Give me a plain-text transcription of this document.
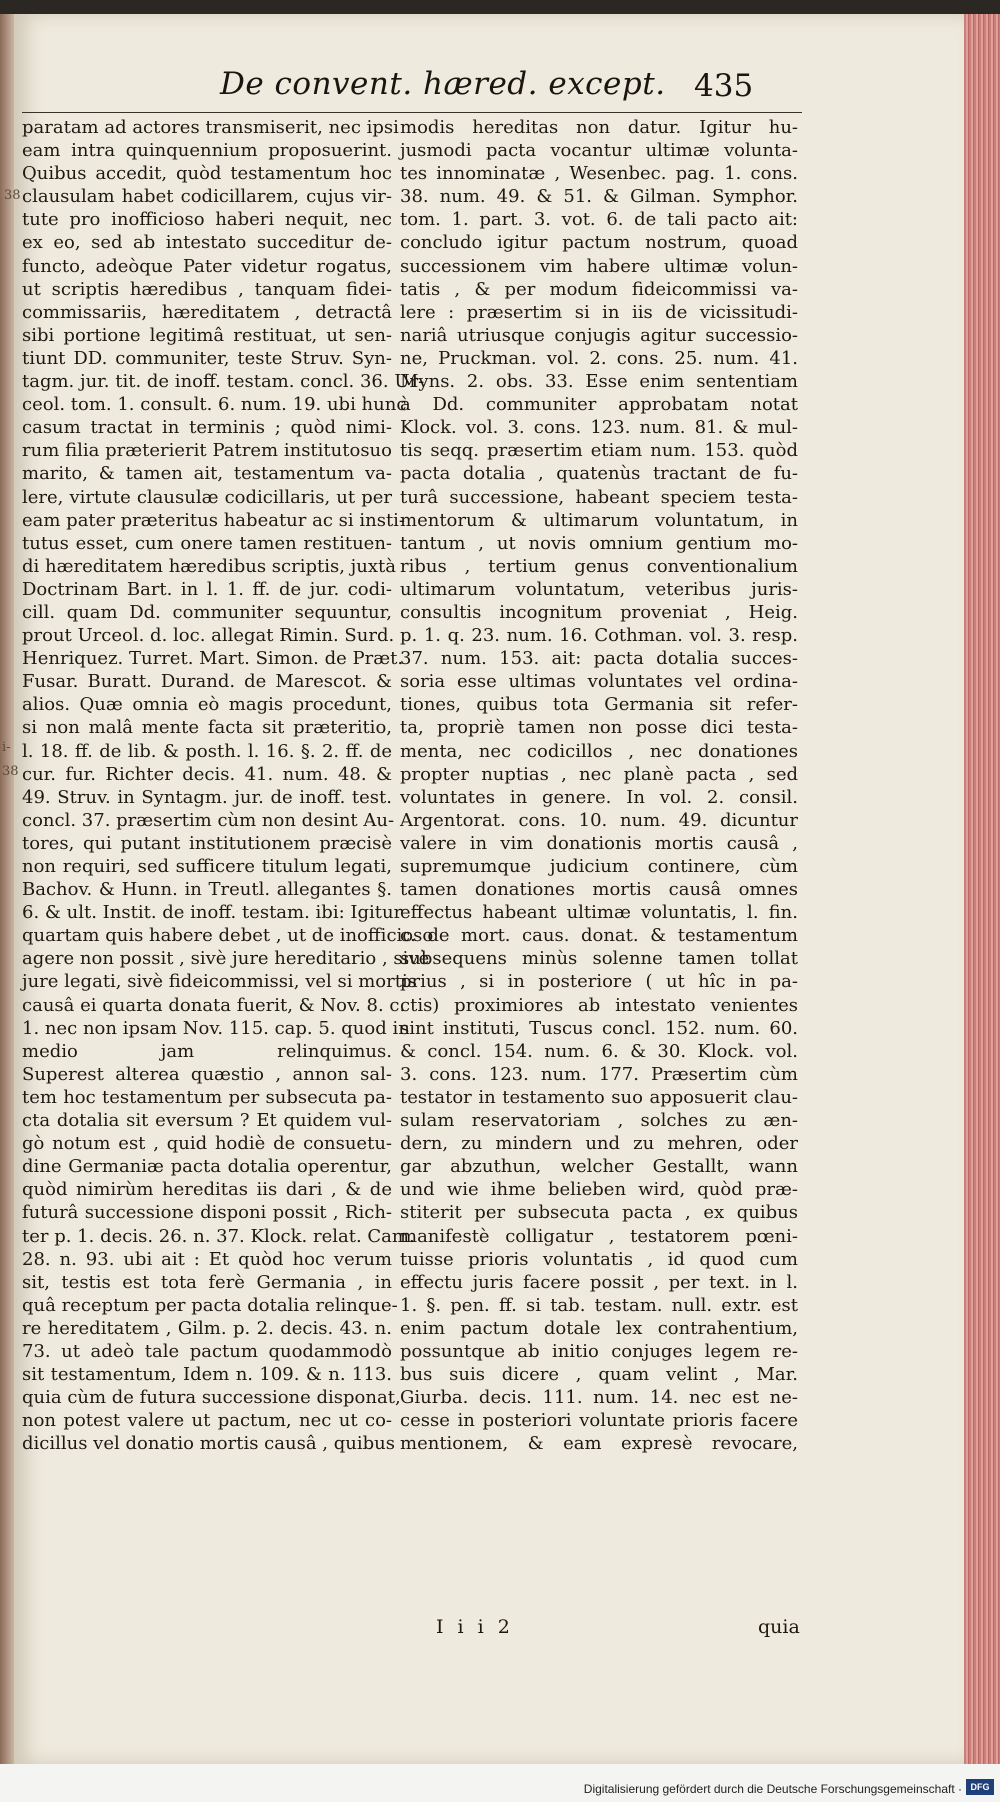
De convent. hæred. except. 435
38
i-
38
paratam ad actores transmiserit, nec ipsi
eam intra quinquennium proposuerint.
Quibus accedit, quòd testamentum hoc
clausulam habet codicillarem, cujus vir-
tute pro inofficioso haberi nequit, nec
ex eo, sed ab intestato succeditur de-
functo, adeòque Pater videtur rogatus,
ut scriptis hæredibus , tanquam fidei-
commissariis, hæreditatem , detractâ
sibi portione legitimâ restituat, ut sen-
tiunt DD. communiter, teste Struv. Syn-
tagm. jur. tit. de inoff. testam. concl. 36. Ur-
ceol. tom. 1. consult. 6. num. 19. ubi hunc
casum tractat in terminis ; quòd nimi-
rum filia præterierit Patrem institutosuo
marito, & tamen ait, testamentum va-
lere, virtute clausulæ codicillaris, ut per
eam pater præteritus habeatur ac si insti-
tutus esset, cum onere tamen restituen-
di hæreditatem hæredibus scriptis, juxtà
Doctrinam Bart. in l. 1. ff. de jur. codi-
cill. quam Dd. communiter sequuntur,
prout Urceol. d. loc. allegat Rimin. Surd.
Henriquez. Turret. Mart. Simon. de Præt.
Fusar. Buratt. Durand. de Marescot. &
alios. Quæ omnia eò magis procedunt,
si non malâ mente facta sit præteritio,
l. 18. ff. de lib. & posth. l. 16. §. 2. ff. de
cur. fur. Richter decis. 41. num. 48. &
49. Struv. in Syntagm. jur. de inoff. test.
concl. 37. præsertim cùm non desint Au-
tores, qui putant institutionem præcisè
non requiri, sed sufficere titulum legati,
Bachov. & Hunn. in Treutl. allegantes §.
6. & ult. Instit. de inoff. testam. ibi: Igitur
quartam quis habere debet , ut de inofficioso
agere non possit , sivè jure hereditario , sivè
jure legati, sivè fideicommissi, vel si mortis
causâ ei quarta donata fuerit, & Nov. 8. c.
1. nec non ipsam Nov. 115. cap. 5. quod in
medio jam relinquimus.
Superest alterea quæstio , annon sal-
tem hoc testamentum per subsecuta pa-
cta dotalia sit eversum ? Et quidem vul-
gò notum est , quid hodiè de consuetu-
dine Germaniæ pacta dotalia operentur,
quòd nimirùm hereditas iis dari , & de
futurâ successione disponi possit , Rich-
ter p. 1. decis. 26. n. 37. Klock. relat. Cam.
28. n. 93. ubi ait : Et quòd hoc verum
sit, testis est tota ferè Germania , in
quâ receptum per pacta dotalia relinque-
re hereditatem , Gilm. p. 2. decis. 43. n.
73. ut adeò tale pactum quodammodò
sit testamentum, Idem n. 109. & n. 113.
quia cùm de futura successione disponat,
non potest valere ut pactum, nec ut co-
dicillus vel donatio mortis causâ , quibus
modis hereditas non datur. Igitur hu-
jusmodi pacta vocantur ultimæ volunta-
tes innominatæ , Wesenbec. pag. 1. cons.
38. num. 49. & 51. & Gilman. Symphor.
tom. 1. part. 3. vot. 6. de tali pacto ait:
concludo igitur pactum nostrum, quoad
successionem vim habere ultimæ volun-
tatis , & per modum fideicommissi va-
lere : præsertim si in iis de vicissitudi-
nariâ utriusque conjugis agitur successio-
ne, Pruckman. vol. 2. cons. 25. num. 41.
Myns. 2. obs. 33. Esse enim sententiam
à Dd. communiter approbatam notat
Klock. vol. 3. cons. 123. num. 81. & mul-
tis seqq. præsertim etiam num. 153. quòd
pacta dotalia , quatenùs tractant de fu-
turâ successione, habeant speciem testa-
mentorum & ultimarum voluntatum, in
tantum , ut novis omnium gentium mo-
ribus , tertium genus conventionalium
ultimarum voluntatum, veteribus juris-
consultis incognitum proveniat , Heig.
p. 1. q. 23. num. 16. Cothman. vol. 3. resp.
37. num. 153. ait: pacta dotalia succes-
soria esse ultimas voluntates vel ordina-
tiones, quibus tota Germania sit refer-
ta, propriè tamen non posse dici testa-
menta, nec codicillos , nec donationes
propter nuptias , nec planè pacta , sed
voluntates in genere. In vol. 2. consil.
Argentorat. cons. 10. num. 49. dicuntur
valere in vim donationis mortis causâ ,
supremumque judicium continere, cùm
tamen donationes mortis causâ omnes
effectus habeant ultimæ voluntatis, l. fin.
c. de mort. caus. donat. & testamentum
subsequens minùs solenne tamen tollat
prius , si in posteriore ( ut hîc in pa-
ctis) proximiores ab intestato venientes
sint instituti, Tuscus concl. 152. num. 60.
& concl. 154. num. 6. & 30. Klock. vol.
3. cons. 123. num. 177. Præsertim cùm
testator in testamento suo apposuerit clau-
sulam reservatoriam , solches zu æn-
dern, zu mindern und zu mehren, oder
gar abzuthun, welcher Gestallt, wann
und wie ihme belieben wird, quòd præ-
stiterit per subsecuta pacta , ex quibus
manifestè colligatur , testatorem pœni-
tuisse prioris voluntatis , id quod cum
effectu juris facere possit , per text. in l.
1. §. pen. ff. si tab. testam. null. extr. est
enim pactum dotale lex contrahentium,
possuntque ab initio conjuges legem re-
bus suis dicere , quam velint , Mar.
Giurba. decis. 111. num. 14. nec est ne-
cesse in posteriori voluntate prioris facere
mentionem, & eam expresè revocare,
I i i 2	quia
Digitalisierung gefördert durch die Deutsche Forschungsgemeinschaft · DFG
